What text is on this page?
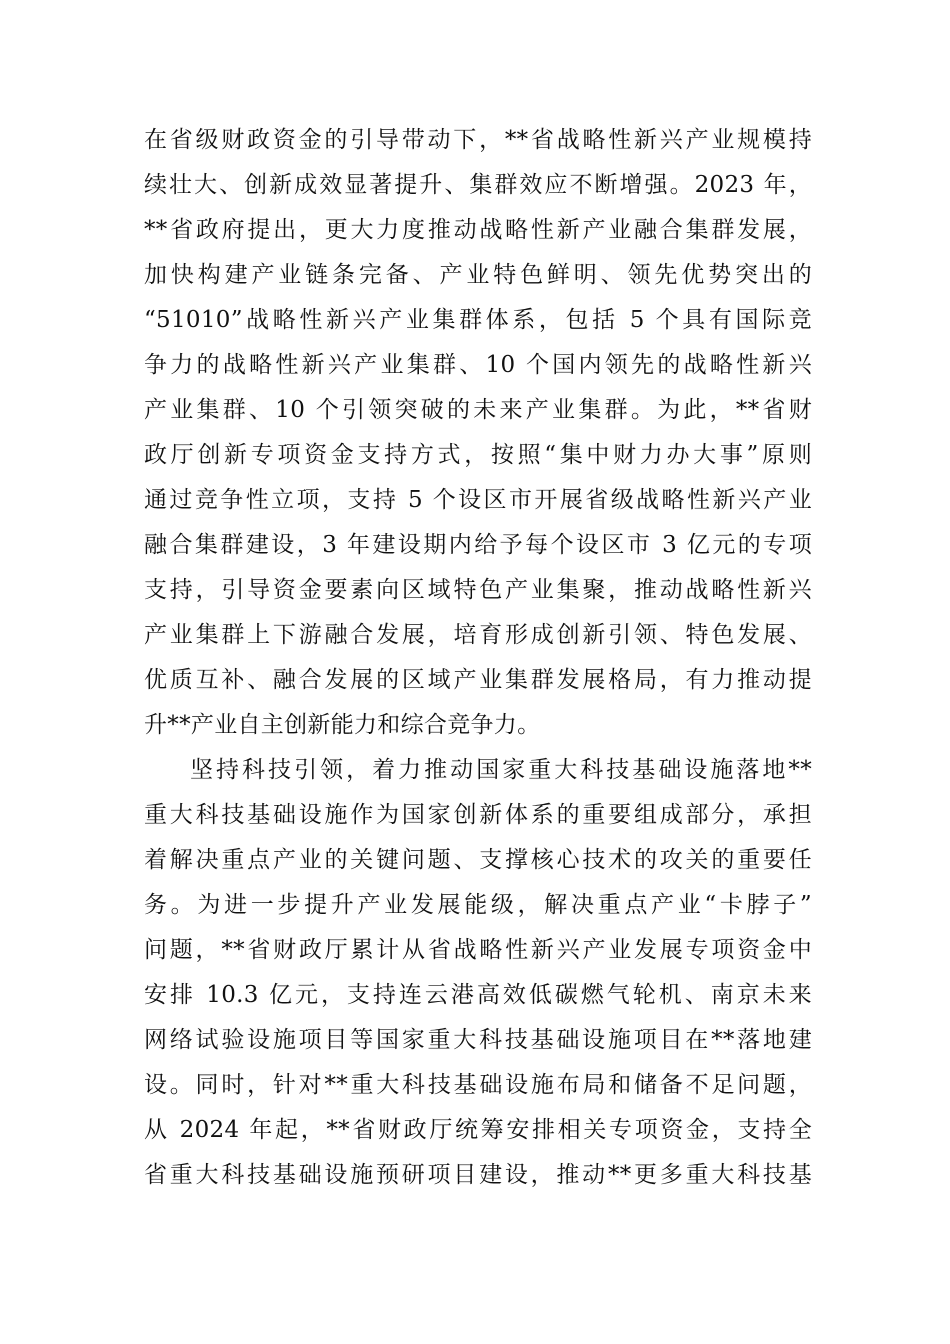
在省级财政资金的引导带动下，**省战略性新兴产业规模持
续壮大、创新成效显著提升、集群效应不断增强。2023 年，
**省政府提出，更大力度推动战略性新产业融合集群发展，
加快构建产业链条完备、产业特色鲜明、领先优势突出的
“51010”战略性新兴产业集群体系，包括 5 个具有国际竞
争力的战略性新兴产业集群、10 个国内领先的战略性新兴
产业集群、10 个引领突破的未来产业集群。为此，**省财
政厅创新专项资金支持方式，按照“集中财力办大事”原则
通过竞争性立项，支持 5 个设区市开展省级战略性新兴产业
融合集群建设，3 年建设期内给予每个设区市 3 亿元的专项
支持，引导资金要素向区域特色产业集聚，推动战略性新兴
产业集群上下游融合发展，培育形成创新引领、特色发展、
优质互补、融合发展的区域产业集群发展格局，有力推动提
升**产业自主创新能力和综合竞争力。
坚持科技引领，着力推动国家重大科技基础设施落地**
重大科技基础设施作为国家创新体系的重要组成部分，承担
着解决重点产业的关键问题、支撑核心技术的攻关的重要任
务。为进一步提升产业发展能级，解决重点产业“卡脖子”
问题，**省财政厅累计从省战略性新兴产业发展专项资金中
安排 10.3 亿元，支持连云港高效低碳燃气轮机、南京未来
网络试验设施项目等国家重大科技基础设施项目在**落地建
设。同时，针对**重大科技基础设施布局和储备不足问题，
从 2024 年起，**省财政厅统筹安排相关专项资金，支持全
省重大科技基础设施预研项目建设，推动**更多重大科技基
